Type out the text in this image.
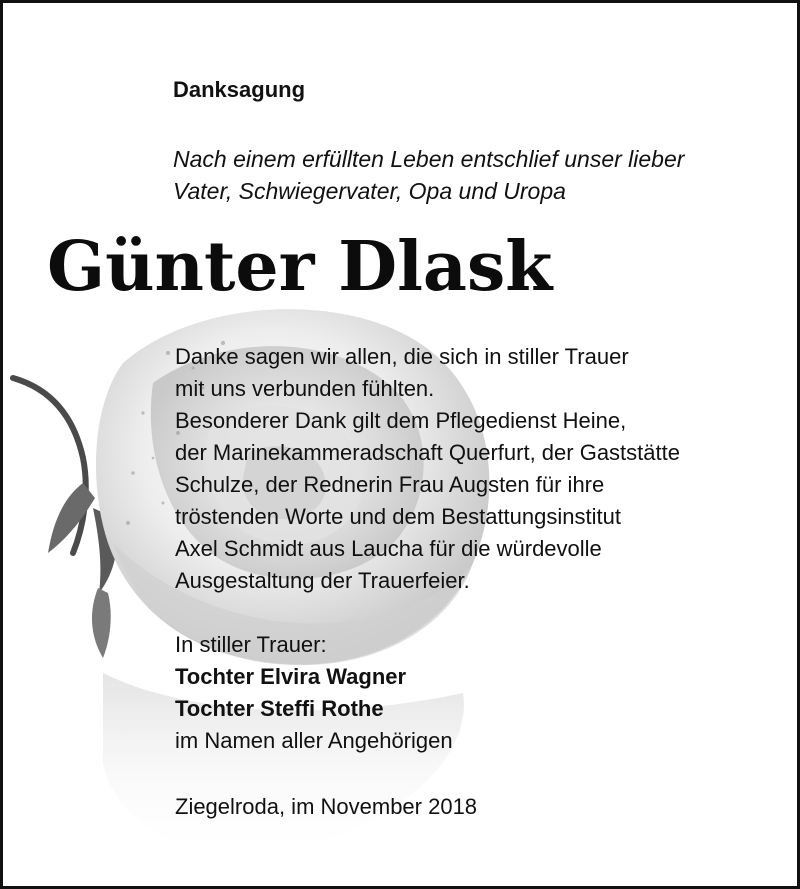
Danksagung

Nach einem erfüllten Leben entschlief unser lieber
Vater, Schwiegervater, Opa und Uropa

Günter Dlask

Danke sagen wir allen, die sich in stiller Trauer
mit uns verbunden fühlten.
Besonderer Dank gilt dem Pflegedienst Heine,
der Marinekammeradschaft Querfurt, der Gaststätte
Schulze, der Rednerin Frau Augsten für ihre
tröstenden Worte und dem Bestattungsinstitut
Axel Schmidt aus Laucha für die würdevolle
Ausgestaltung der Trauerfeier.

In stiller Trauer:
Tochter Elvira Wagner
Tochter Steffi Rothe
im Namen aller Angehörigen

Ziegelroda, im November 2018
